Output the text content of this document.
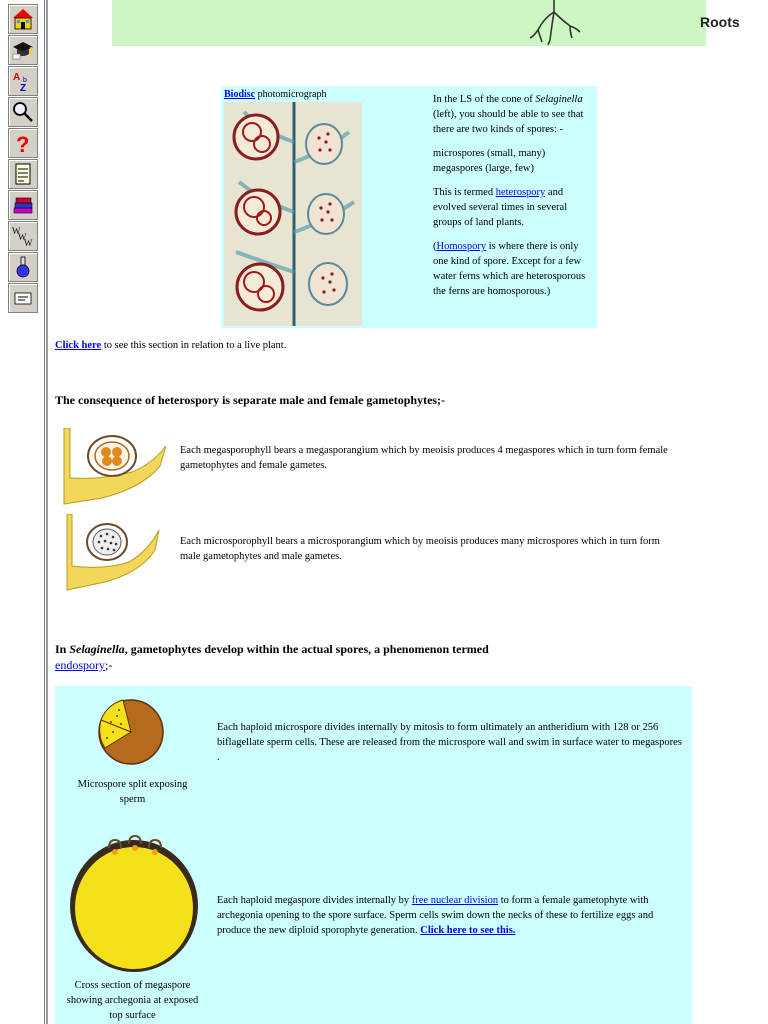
A b
Z
?
W
W
W
Roots
Biodisc photomicrograph	In the LS of the cone of Selaginella (left), you should be able to see that there are two kinds of spores: -

microspores (small, many)
megaspores (large, few)

This is termed heterospory and evolved several times in several groups of land plants.

(Homospory is where there is only one kind of spore. Except for a few water ferns which are heterosporous the ferns are homosporous.)

Click here to see this section in relation to a live plant.
The consequence of heterospory is separate male and female gametophytes;-
Each megasporophyll bears a megasporangium which by meoisis produces 4 megaspores which in turn form female gametophytes and female gametes.
Each microsporophyll bears a microsporangium which by meoisis produces many microspores which in turn form male gametophytes and male gametes.
In Selaginella, gametophytes develop within the actual spores, a phenomenon termed
endospory;-
Microspore split exposing sperm
Each haploid microspore divides internally by mitosis to form ultimately an antheridium with 128 or 256 biflagellate sperm cells. These are released from the microspore wall and swim in surface water to megaspores .
Cross section of megaspore showing archegonia at exposed top surface
Each haploid megaspore divides internally by free nuclear division to form a female gametophyte with archegonia opening to the spore surface. Sperm cells swim down the necks of these to fertilize eggs and produce the new diploid sporophyte generation. Click here to see this.
